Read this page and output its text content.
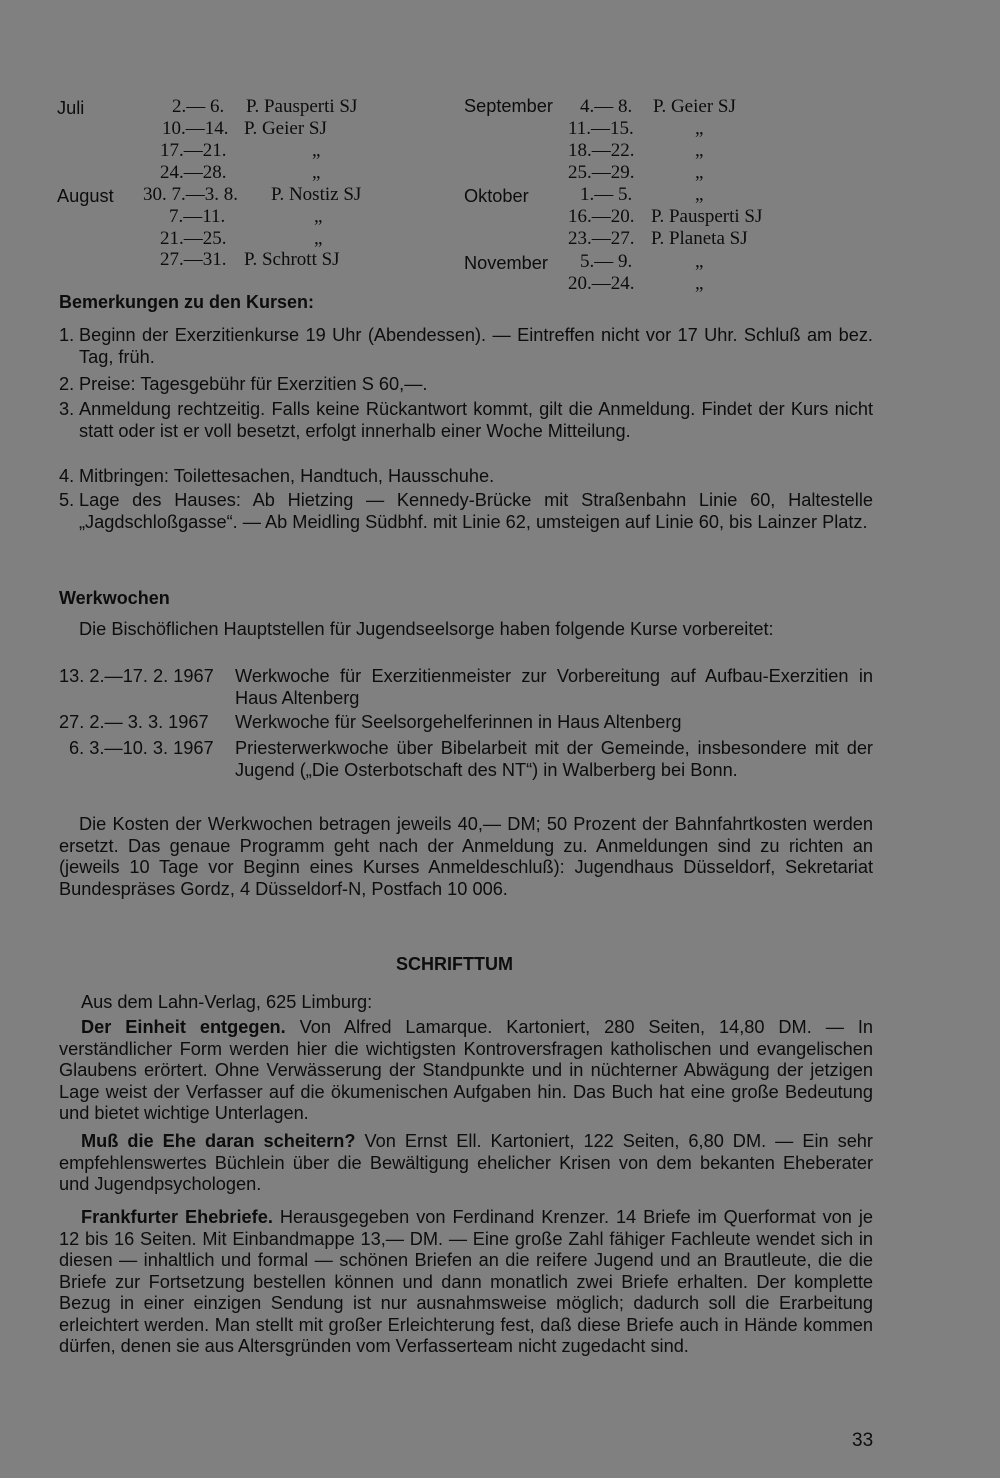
Juli	2.— 6. P. Pausperti SJ
10.—14. P. Geier SJ
17.—21.	„
24.—28.	„
August 30. 7.—3. 8. P. Nostiz SJ
7.—11.	„
21.—25.	„
27.—31. P. Schrott SJ
September 4.— 8. P. Geier SJ
11.—15.	„
18.—22.	„
25.—29.	„
Oktober	1.— 5.	„
16.—20. P. Pausperti SJ
23.—27. P. Planeta SJ
November 5.— 9.	„
20.—24.	„
Bemerkungen zu den Kursen:
1. Beginn der Exerzitienkurse 19 Uhr (Abendessen). — Eintreffen nicht vor 17 Uhr. Schluß am bez. Tag, früh.
2. Preise: Tagesgebühr für Exerzitien S 60,—.
3. Anmeldung rechtzeitig. Falls keine Rückantwort kommt, gilt die Anmeldung. Findet der Kurs nicht statt oder ist er voll besetzt, erfolgt innerhalb einer Woche Mitteilung.
4. Mitbringen: Toilettesachen, Handtuch, Hausschuhe.
5. Lage des Hauses: Ab Hietzing — Kennedy-Brücke mit Straßenbahn Linie 60, Haltestelle „Jagdschloßgasse“. — Ab Meidling Südbhf. mit Linie 62, umsteigen auf Linie 60, bis Lainzer Platz.
Werkwochen
Die Bischöflichen Hauptstellen für Jugendseelsorge haben folgende Kurse vorbereitet:
13. 2.—17. 2. 1967	Werkwoche für Exerzitienmeister zur Vorbereitung auf Aufbau-Exerzitien in Haus Altenberg
27. 2.— 3. 3. 1967	Werkwoche für Seelsorgehelferinnen in Haus Altenberg
6. 3.—10. 3. 1967	Priesterwerkwoche über Bibelarbeit mit der Gemeinde, insbesondere mit der Jugend („Die Osterbotschaft des NT“) in Walberberg bei Bonn.
Die Kosten der Werkwochen betragen jeweils 40,— DM; 50 Prozent der Bahnfahrtkosten werden ersetzt. Das genaue Programm geht nach der Anmeldung zu. Anmeldungen sind zu richten an (jeweils 10 Tage vor Beginn eines Kurses Anmeldeschluß): Jugendhaus Düsseldorf, Sekretariat Bundespräses Gordz, 4 Düsseldorf-N, Postfach 10 006.
SCHRIFTTUM
Aus dem Lahn-Verlag, 625 Limburg:
Der Einheit entgegen. Von Alfred Lamarque. Kartoniert, 280 Seiten, 14,80 DM. — In verständlicher Form werden hier die wichtigsten Kontroversfragen katholischen und evangelischen Glaubens erörtert. Ohne Verwässerung der Standpunkte und in nüchterner Abwägung der jetzigen Lage weist der Verfasser auf die ökumenischen Aufgaben hin. Das Buch hat eine große Bedeutung und bietet wichtige Unterlagen.
Muß die Ehe daran scheitern? Von Ernst Ell. Kartoniert, 122 Seiten, 6,80 DM. — Ein sehr empfehlenswertes Büchlein über die Bewältigung ehelicher Krisen von dem bekanten Eheberater und Jugendpsychologen.
Frankfurter Ehebriefe. Herausgegeben von Ferdinand Krenzer. 14 Briefe im Querformat von je 12 bis 16 Seiten. Mit Einbandmappe 13,— DM. — Eine große Zahl fähiger Fachleute wendet sich in diesen — inhaltlich und formal — schönen Briefen an die reifere Jugend und an Brautleute, die die Briefe zur Fortsetzung bestellen können und dann monatlich zwei Briefe erhalten. Der komplette Bezug in einer einzigen Sendung ist nur ausnahmsweise möglich; dadurch soll die Erarbeitung erleichtert werden. Man stellt mit großer Erleichterung fest, daß diese Briefe auch in Hände kommen dürfen, denen sie aus Altersgründen vom Verfasserteam nicht zugedacht sind.
33
